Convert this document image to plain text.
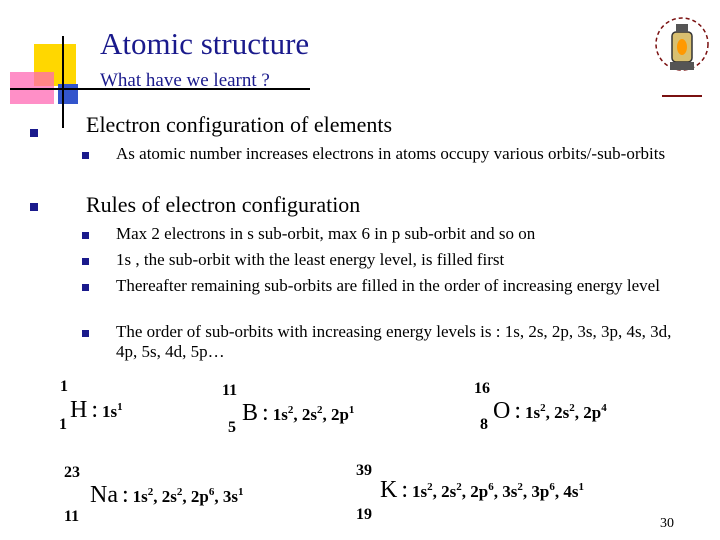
Atomic structure
What have we learnt ?
Electron configuration of elements
As atomic number increases electrons in atoms occupy various orbits/-sub-orbits
Rules of electron configuration
Max 2 electrons in s sub-orbit, max 6 in p sub-orbit and so on
1s , the sub-orbit with the least energy level, is filled first
Thereafter remaining sub-orbits are filled in the order of increasing energy level
The order of sub-orbits with increasing energy levels is : 1s, 2s, 2p, 3s, 3p, 4s, 3d, 4p, 5s, 4d, 5p…
1
1
H : $1s^1$
11
5
B : $1s^2$, $2s^2$, $2p^1$
16
8
O : $1s^2$, $2s^2$, $2p^4$
23
11
Na : $1s^2$, $2s^2$, $2p^6$, $3s^1$
39
19
K : $1s^2$, $2s^2$, $2p^6$, $3s^2$, $3p^6$, $4s^1$
30
